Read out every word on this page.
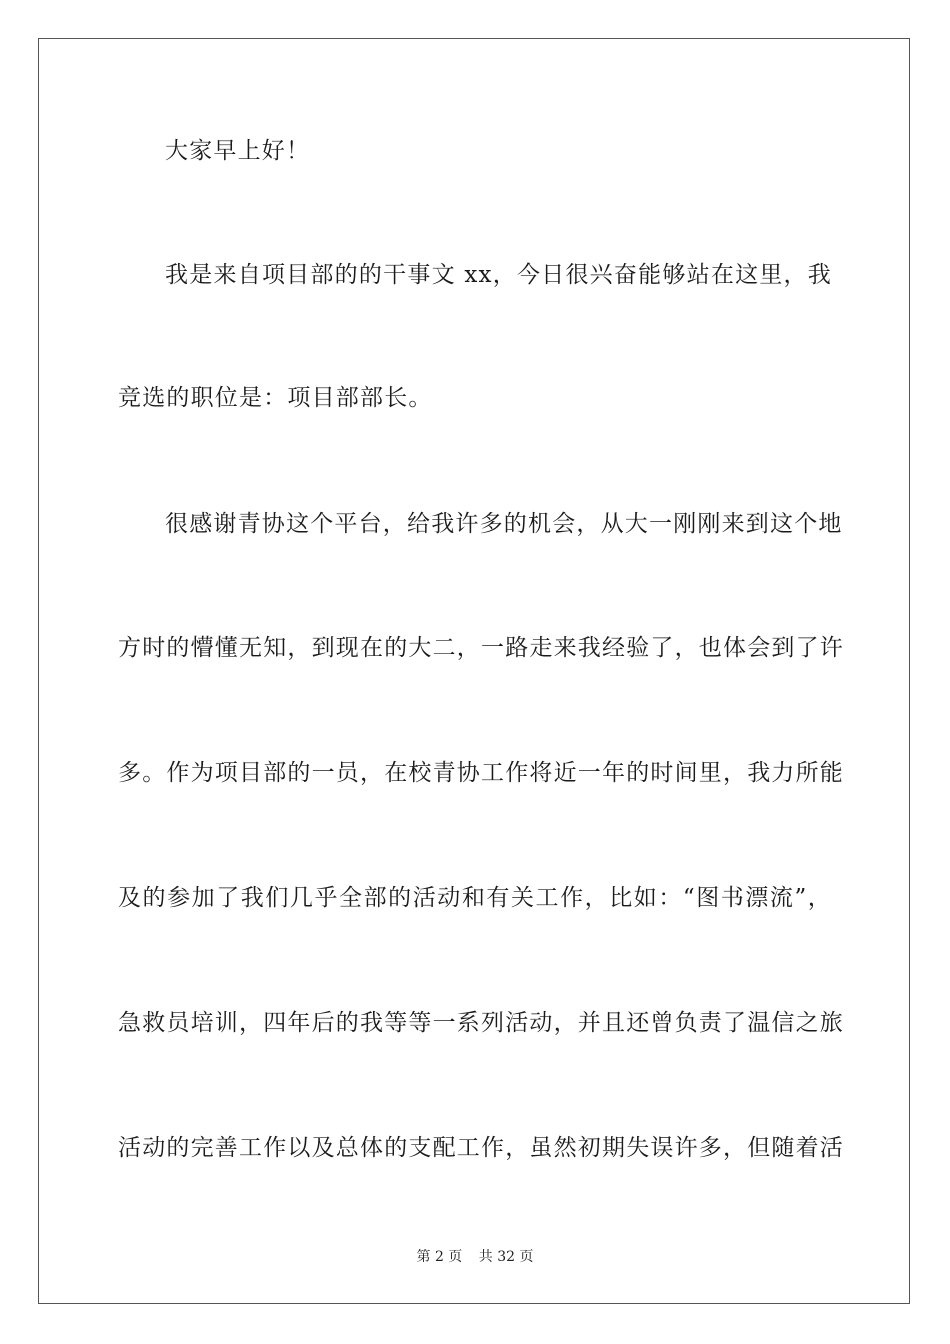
大家早上好！
我是来自项目部的的干事文 xx，今日很兴奋能够站在这里，我
竞选的职位是：项目部部长。
很感谢青协这个平台，给我许多的机会，从大一刚刚来到这个地
方时的懵懂无知，到现在的大二，一路走来我经验了，也体会到了许
多。作为项目部的一员，在校青协工作将近一年的时间里，我力所能
及的参加了我们几乎全部的活动和有关工作，比如：“图书漂流”，
急救员培训，四年后的我等等一系列活动，并且还曾负责了温信之旅
活动的完善工作以及总体的支配工作，虽然初期失误许多，但随着活
第 2 页 共 32 页
